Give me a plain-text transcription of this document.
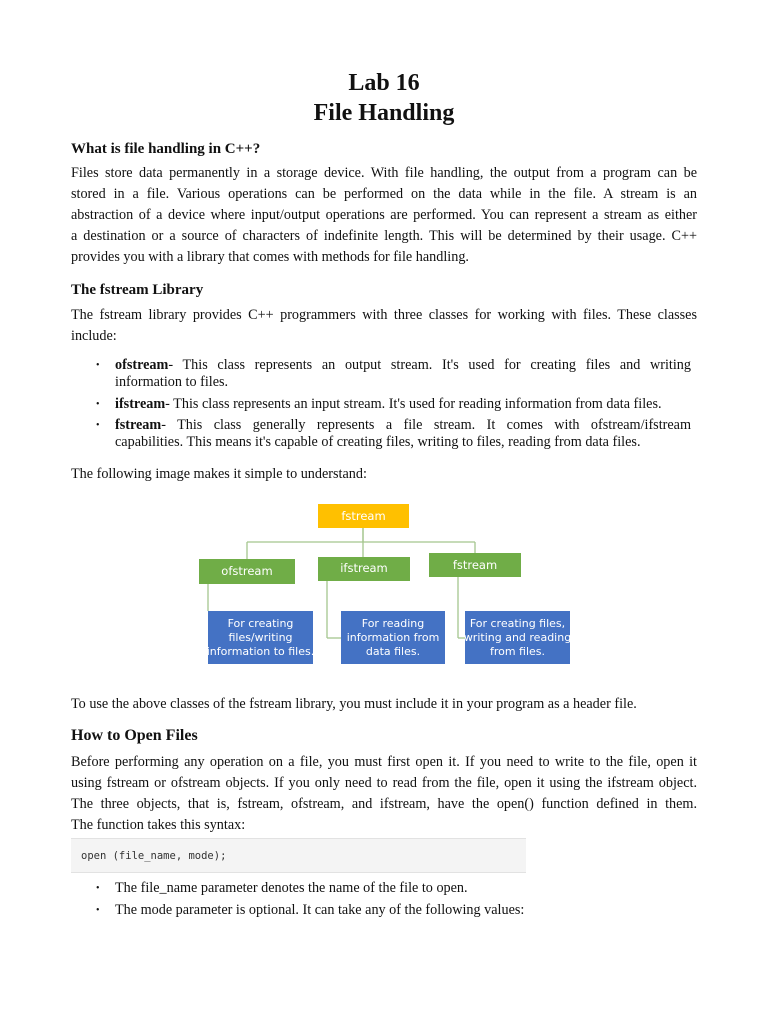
Lab 16
File Handling
What is file handling in C++?
Files store data permanently in a storage device. With file handling, the output from a program can be
stored in a file. Various operations can be performed on the data while in the file. A stream is an
abstraction of a device where input/output operations are performed. You can represent a stream as either
a destination or a source of characters of indefinite length. This will be determined by their usage. C++
provides you with a library that comes with methods for file handling.
The fstream Library
The fstream library provides C++ programmers with three classes for working with files. These classes
include:
• ofstream- This class represents an output stream. It's used for creating files and writing
information to files.
• ifstream- This class represents an input stream. It's used for reading information from data files.
• fstream- This class generally represents a file stream. It comes with ofstream/ifstream
capabilities. This means it's capable of creating files, writing to files, reading from data files.
The following image makes it simple to understand:
fstream
ofstream	ifstream	fstream
For creating
files/writing
information to files.
For reading
information from
data files.
For creating files,
writing and reading
from files.
To use the above classes of the fstream library, you must include it in your program as a header file.
How to Open Files
Before performing any operation on a file, you must first open it. If you need to write to the file, open it
using fstream or ofstream objects. If you only need to read from the file, open it using the ifstream object.
The three objects, that is, fstream, ofstream, and ifstream, have the open() function defined in them.
The function takes this syntax:
open (file_name, mode);
• The file_name parameter denotes the name of the file to open.
• The mode parameter is optional. It can take any of the following values:
